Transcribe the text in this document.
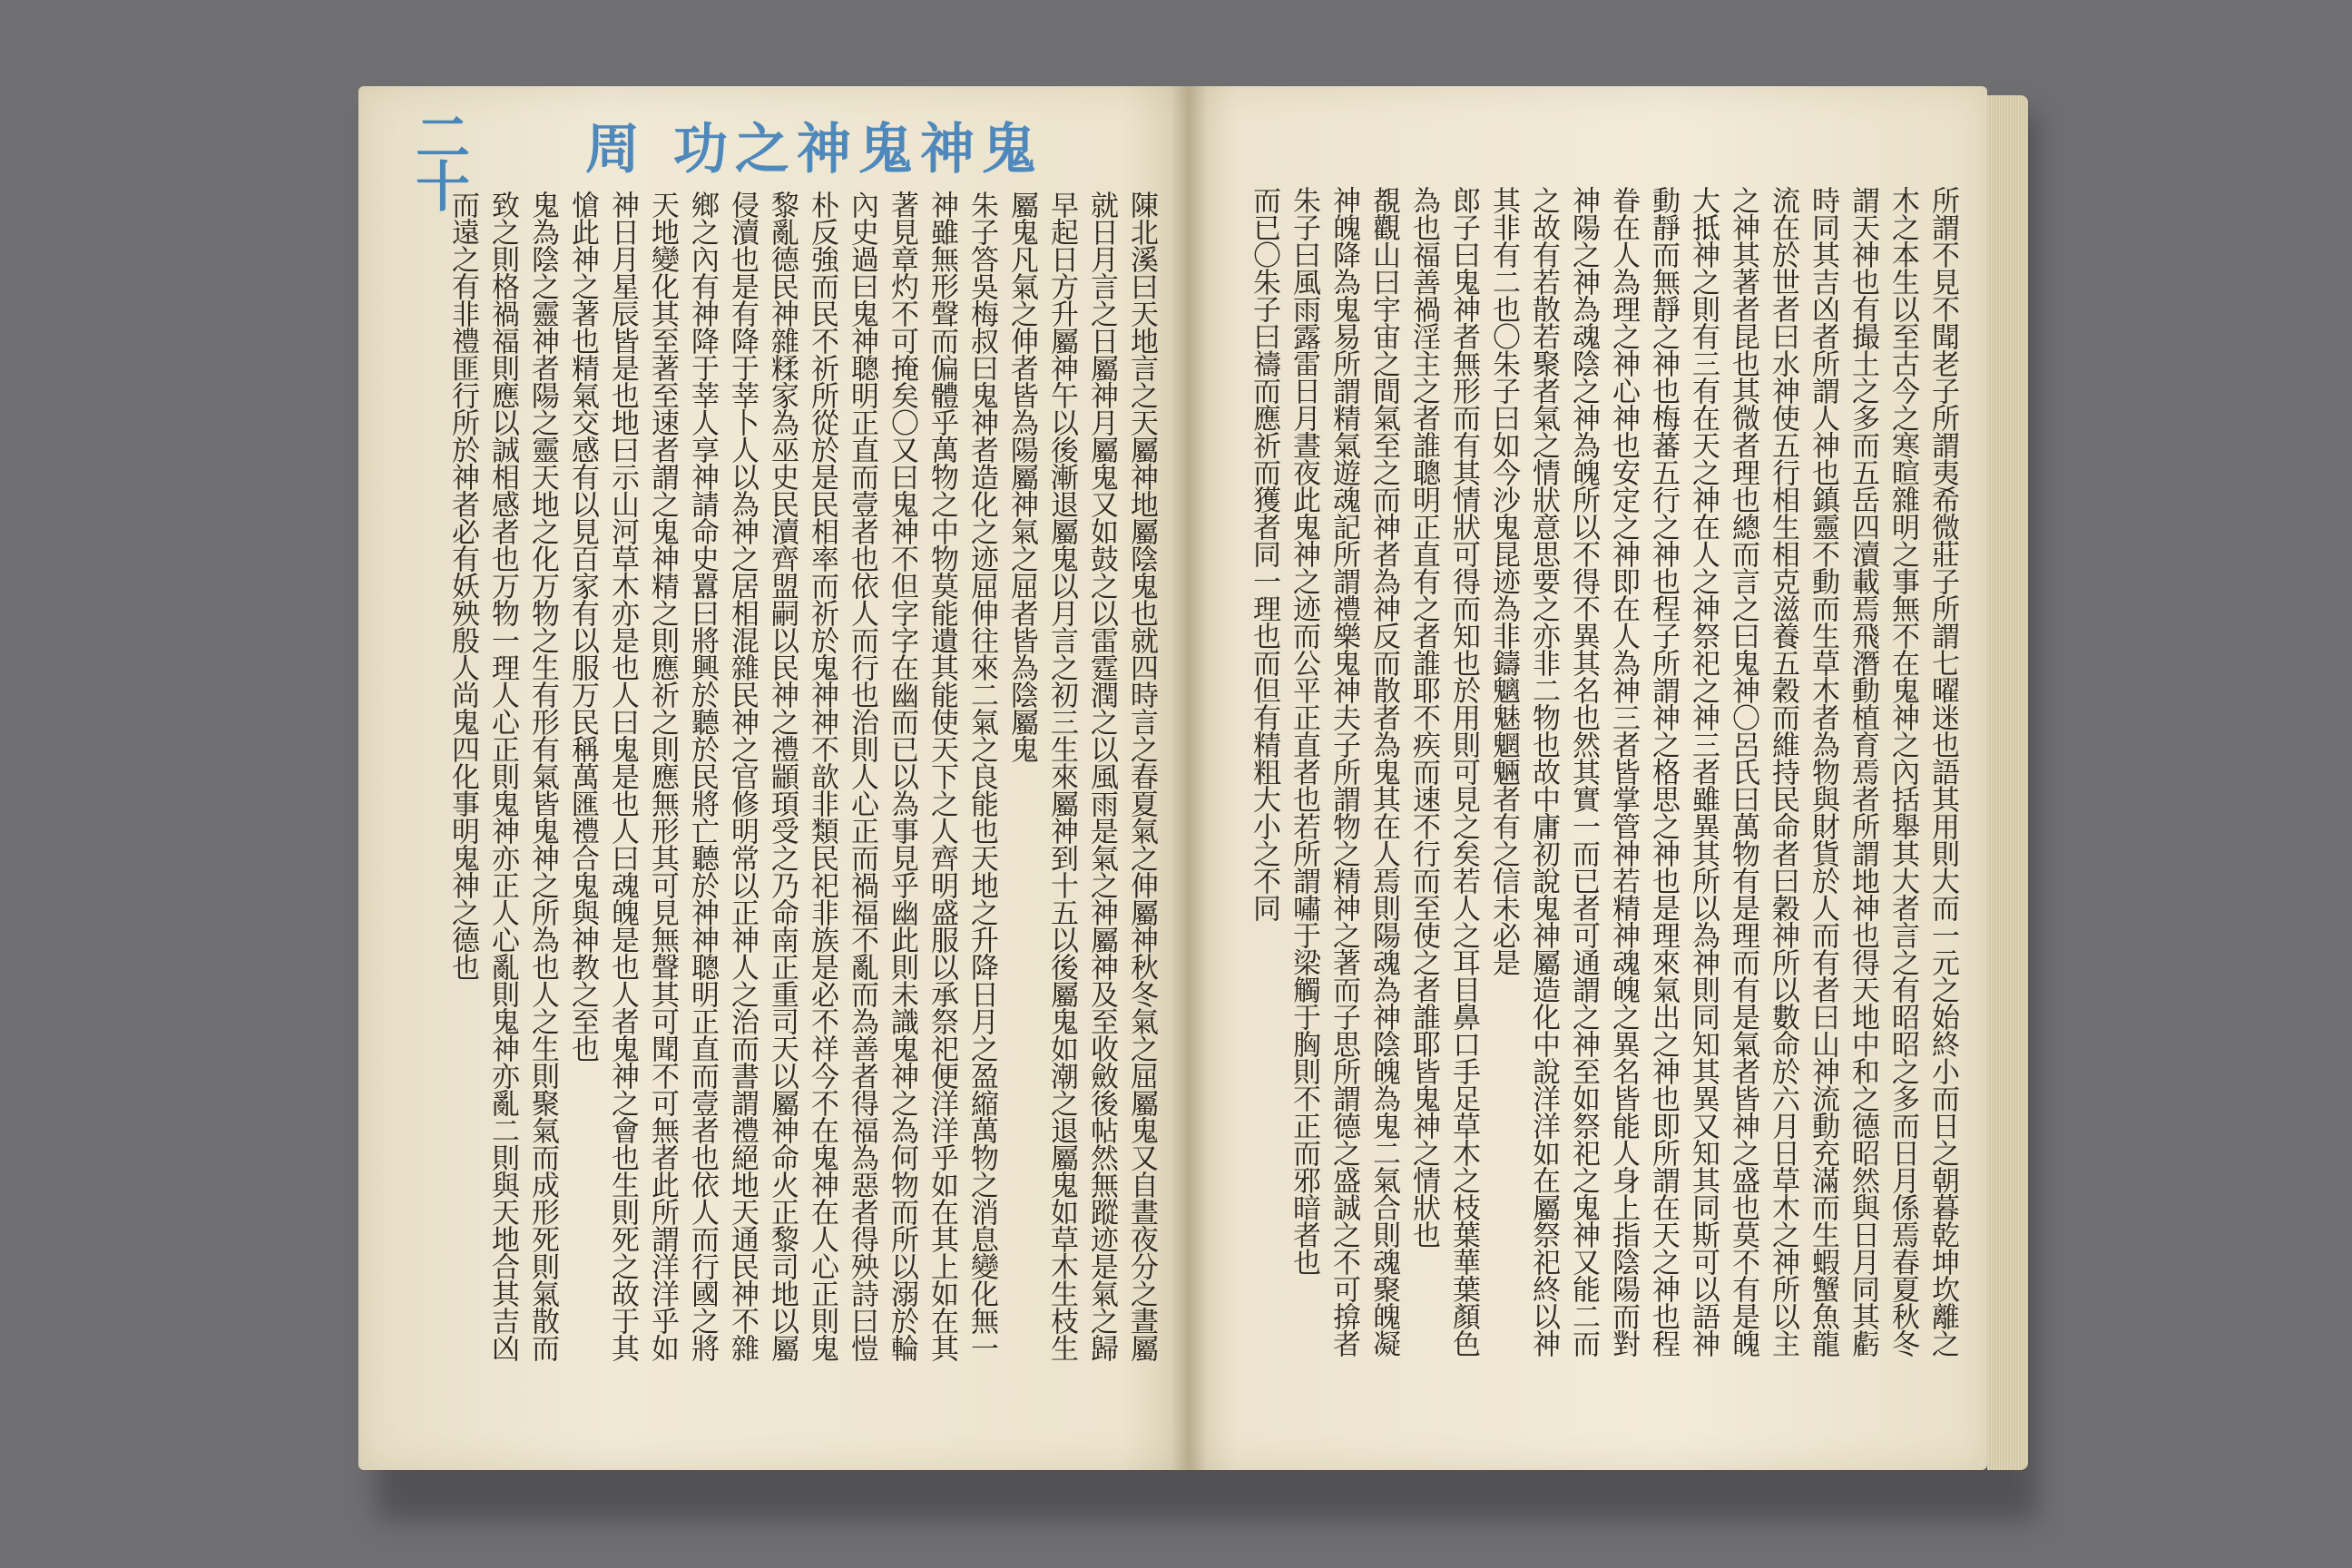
二十 周 功之神鬼神鬼
陳北溪曰天地言之天屬神地屬陰鬼也就四時言之春夏氣之伸屬神秋冬氣之屈屬鬼又自晝夜分之晝屬
就日月言之日屬神月屬鬼又如鼓之以雷霆潤之以風雨是氣之神屬神及至收斂後帖然無蹤迹是氣之歸
早起日方升屬神午以後漸退屬鬼以月言之初三生來屬神到十五以後屬鬼如潮之退屬鬼如草木生枝生
屬鬼凡氣之伸者皆為陽屬神氣之屈者皆為陰屬鬼
朱子答吳梅叔曰鬼神者造化之迹屈伸往來二氣之良能也天地之升降日月之盈縮萬物之消息變化無一
神雖無形聲而偏體乎萬物之中物莫能遺其能使天下之人齊明盛服以承祭祀便洋洋乎如在其上如在其
著見章灼不可掩矣〇又曰鬼神不但字字在幽而已以為事見乎幽此則未識鬼神之為何物而所以溺於輪
內史過曰鬼神聰明正直而壹者也依人而行也治則人心正而禍福不亂而為善者得福為惡者得殃詩曰愷
朴反強而民不祈所從於是民相率而祈於鬼神神不歆非類民祀非族是必不祥今不在鬼神在人心正則鬼
黎亂德民神雜糅家為巫史民瀆齊盟嗣以民神之禮顓頊受之乃命南正重司天以屬神命火正黎司地以屬
侵瀆也是有降于莘卜人以為神之居相混雜民神之官修明常以正神人之治而書謂禮絕地天通民神不雜
鄉之內有神降于莘人享神請命史囂曰將興於聽於民將亡聽於神神聰明正直而壹者也依人而行國之將
天地變化其至著至速者謂之鬼神精之則應祈之則應無形其可見無聲其可聞不可無者此所謂洋洋乎如
神日月星辰皆是也地曰示山河草木亦是也人曰鬼是也人曰魂魄是也人者鬼神之會也生則死之故于其
愴此神之著也精氣交感有以見百家有以服万民稱萬匯禮合鬼與神教之至也
鬼為陰之靈神者陽之靈天地之化万物之生有形有氣皆鬼神之所為也人之生則聚氣而成形死則氣散而
致之則格禍福則應以誠相感者也万物一理人心正則鬼神亦正人心亂則鬼神亦亂二則與天地合其吉凶
而遠之有非禮匪行所於神者必有妖殃殷人尚鬼四化事明鬼神之德也	所謂不見不聞老子所謂夷希微莊子所謂七曜迷也語其用則大而一元之始終小而日之朝暮乾坤坎離之
木之本生以至古今之寒暄雜明之事無不在鬼神之內括舉其大者言之有昭昭之多而日月係焉春夏秋冬
謂天神也有撮土之多而五岳四瀆載焉飛潛動植育焉者所謂地神也得天地中和之德昭然與日月同其虧
時同其吉凶者所謂人神也鎮靈不動而生草木者為物與財貨於人而有者曰山神流動充滿而生蝦蟹魚龍
流在於世者曰水神使五行相生相克滋養五穀而維持民命者曰穀神所以數命於六月日草木之神所以主
之神其著者昆也其微者理也總而言之曰鬼神〇呂氏曰萬物有是理而有是氣者皆神之盛也莫不有是魄
大抵神之則有三有在天之神在人之神祭祀之神三者雖異其所以為神則同知其異又知其同斯可以語神
動靜而無靜之神也梅蕃五行之神也程子所謂神之格思之神也是理來氣出之神也即所謂在天之神也程
眷在人為理之神心神也安定之神即在人為神三者皆掌管神若精神魂魄之異名皆能人身上指陰陽而對
神陽之神為魂陰之神為魄所以不得不異其名也然其實一而已者可通謂之神至如祭祀之鬼神又能二而
之故有若散若聚者氣之情狀意思要之亦非二物也故中庸初說鬼神屬造化中說洋洋如在屬祭祀終以神
其非有二也〇朱子曰如今沙鬼昆迹為非鑄魑魅魍魎者有之信未必是
郎子曰鬼神者無形而有其情狀可得而知也於用則可見之矣若人之耳目鼻口手足草木之枝葉華葉顏色
為也福善禍淫主之者誰聰明正直有之者誰耶不疾而速不行而至使之者誰耶皆鬼神之情狀也
覩觀山曰宇宙之間氣至之而神者為神反而散者為鬼其在人焉則陽魂為神陰魄為鬼二氣合則魂聚魄凝
神魄降為鬼易所謂精氣遊魂記所謂禮樂鬼神夫子所謂物之精神之著而子思所謂德之盛誠之不可揜者
朱子曰風雨露雷日月晝夜此鬼神之迹而公平正直者也若所謂嘯于梁觸于胸則不正而邪暗者也
而已〇朱子曰禱而應祈而獲者同一理也而但有精粗大小之不同
